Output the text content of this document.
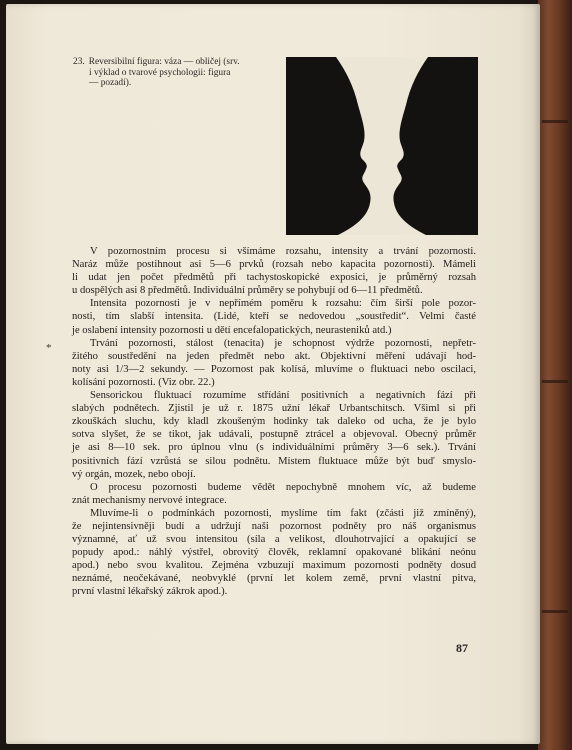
23. Reversibilní figura: váza — obličej (srv.
i výklad o tvarové psychologii: figura
— pozadí).
*
V pozornostním procesu si všímáme rozsahu, intensity a trvání pozornosti.
Naráz může postihnout asi 5—6 prvků (rozsah nebo kapacita pozornosti). Mámeli
li udat jen počet předmětů při tachystoskopické exposici, je průměrný rozsah
u dospělých asi 8 předmětů. Individuální průměry se pohybují od 6—11 předmětů.
Intensita pozornosti je v nepřímém poměru k rozsahu: čím širší pole pozor-
nosti, tím slabší intensita. (Lidé, kteří se nedovedou „soustředit“. Velmi časté
je oslabení intensity pozornosti u dětí encefalopatických, neurasteniků atd.)
Trvání pozornosti, stálost (tenacita) je schopnost výdrže pozornosti, nepřetr-
žitého soustředění na jeden předmět nebo akt. Objektivní měření udávají hod-
noty asi 1/3—2 sekundy. — Pozornost pak kolísá, mluvíme o fluktuaci nebo oscilaci,
kolísání pozornosti. (Viz obr. 22.)
Sensorickou fluktuací rozumíme střídání positivních a negativních fází při
slabých podnětech. Zjistil je už r. 1875 užní lékař Urbantschitsch. Všiml si při
zkouškách sluchu, kdy kladl zkoušeným hodinky tak daleko od ucha, že je bylo
sotva slyšet, že se tikot, jak udávali, postupně ztrácel a objevoval. Obecný průměr
je asi 8—10 sek. pro úplnou vlnu (s individuálními průměry 3—6 sek.). Trvání
positivních fází vzrůstá se silou podnětu. Místem fluktuace může být buď smyslo-
vý orgán, mozek, nebo obojí.
O procesu pozornosti budeme vědět nepochybně mnohem víc, až budeme
znát mechanismy nervové integrace.
Mluvíme-li o podmínkách pozornosti, myslíme tím fakt (zčásti již zmíněný),
že nejintensivněji budí a udržují naši pozornost podněty pro náš organismus
významné, ať už svou intensitou (síla a velikost, dlouhotrvající a opakující se
popudy apod.: náhlý výstřel, obrovitý člověk, reklamní opakované blikání neónu
apod.) nebo svou kvalitou. Zejména vzbuzují maximum pozornosti podněty dosud
neznámé, neočekávané, neobvyklé (první let kolem země, první vlastní pitva,
první vlastní lékařský zákrok apod.).
87
